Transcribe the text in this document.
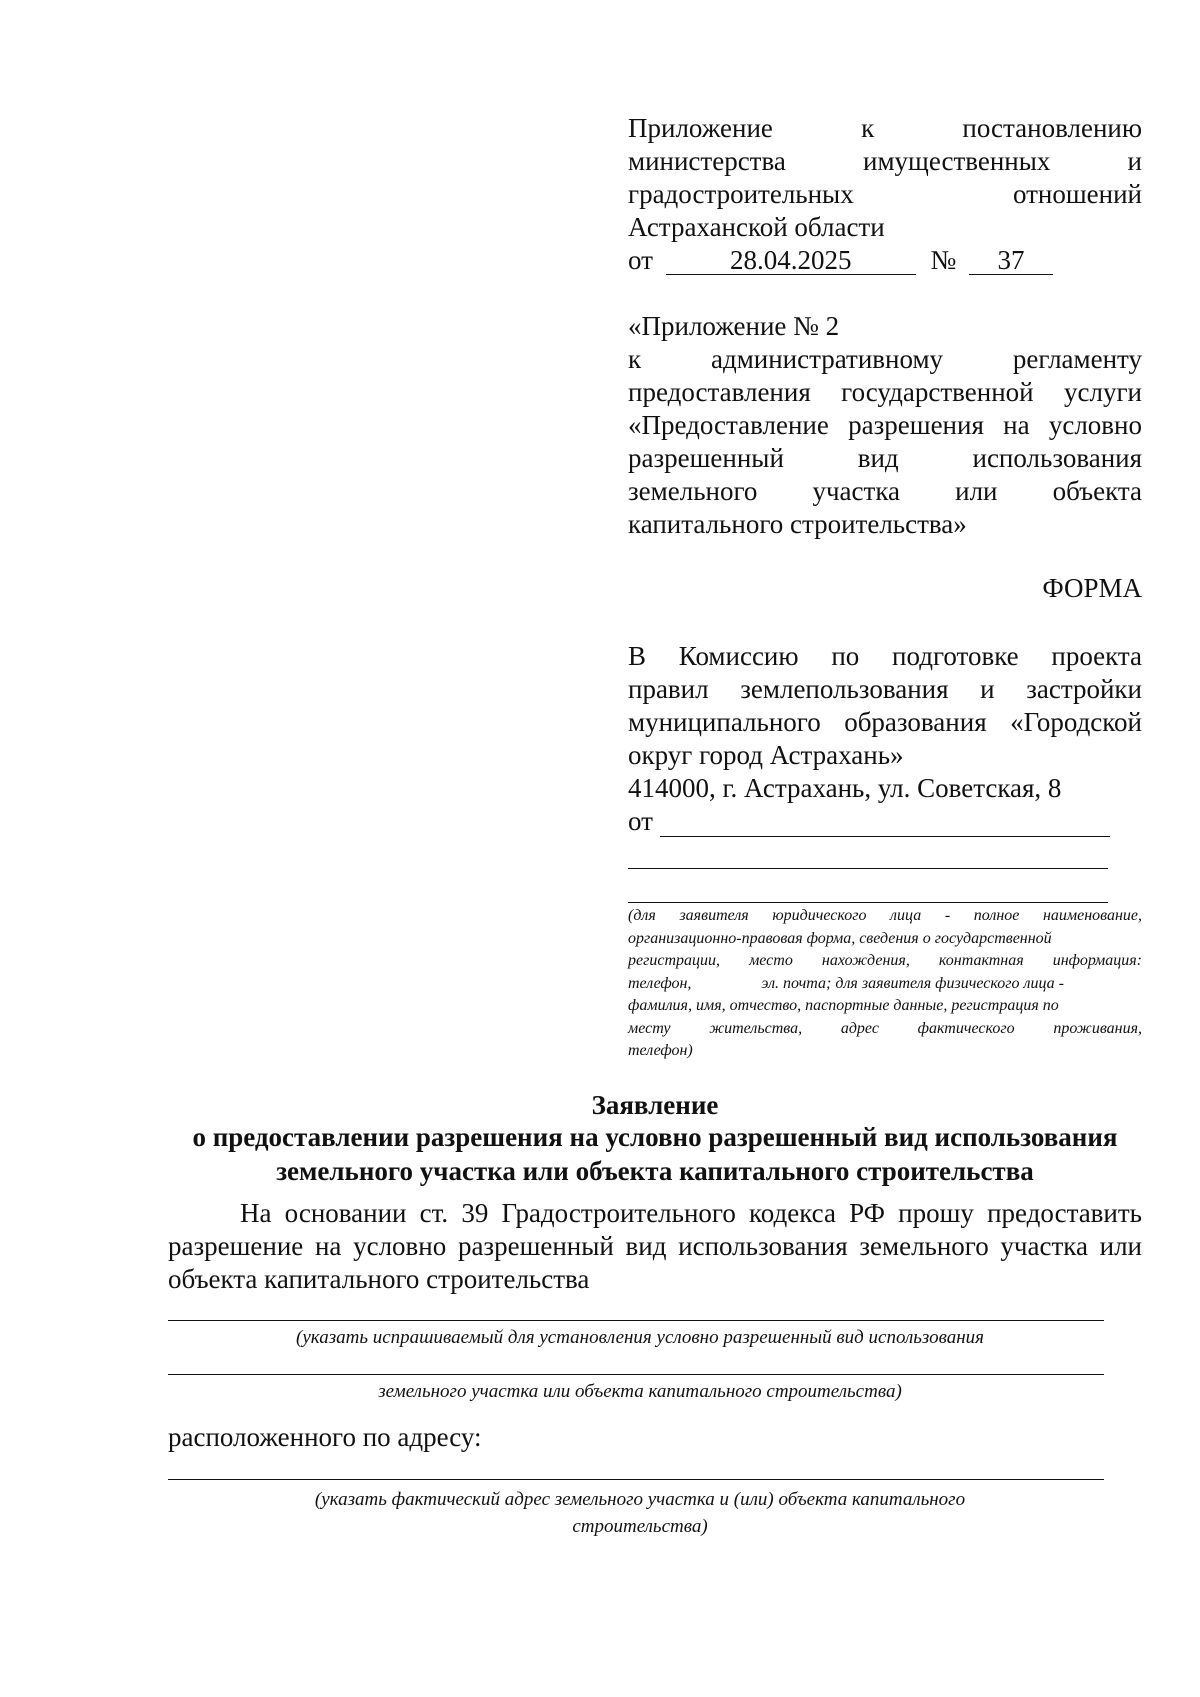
Приложение	к	постановлению
министерства	имущественных	и
градостроительных	отношений
Астраханской области
от	28.04.2025	№ 37
«Приложение № 2
к	административному	регламенту
предоставления государственной услуги
«Предоставление разрешения на условно
разрешенный	вид	использования
земельного участка или объекта
капитального строительства»
ФОРМА
В Комиссию по подготовке проекта
правил землепользования и застройки
муниципального образования «Городской
округ город Астрахань»
414000, г. Астрахань, ул. Советская, 8
от
(для заявителя юридического лица - полное наименование,
организационно-правовая форма, сведения о государственной
регистрации, место нахождения, контактная информация:
телефон,	эл. почта; для заявителя физического лица -
фамилия, имя, отчество, паспортные данные, регистрация по
месту жительства, адрес фактического проживания,
телефон)
Заявление
о предоставлении разрешения на условно разрешенный вид использования
земельного участка или объекта капитального строительства

На основании ст. 39 Градостроительного кодекса РФ прошу предоставить

разрешение на условно разрешенный вид использования земельного участка или

объекта капитального строительства

(указать испрашиваемый для установления условно разрешенный вид использования
земельного участка или объекта капитального строительства)
расположенного по адресу:
(указать фактический адрес земельного участка и (или) объекта капитального
строительства)
